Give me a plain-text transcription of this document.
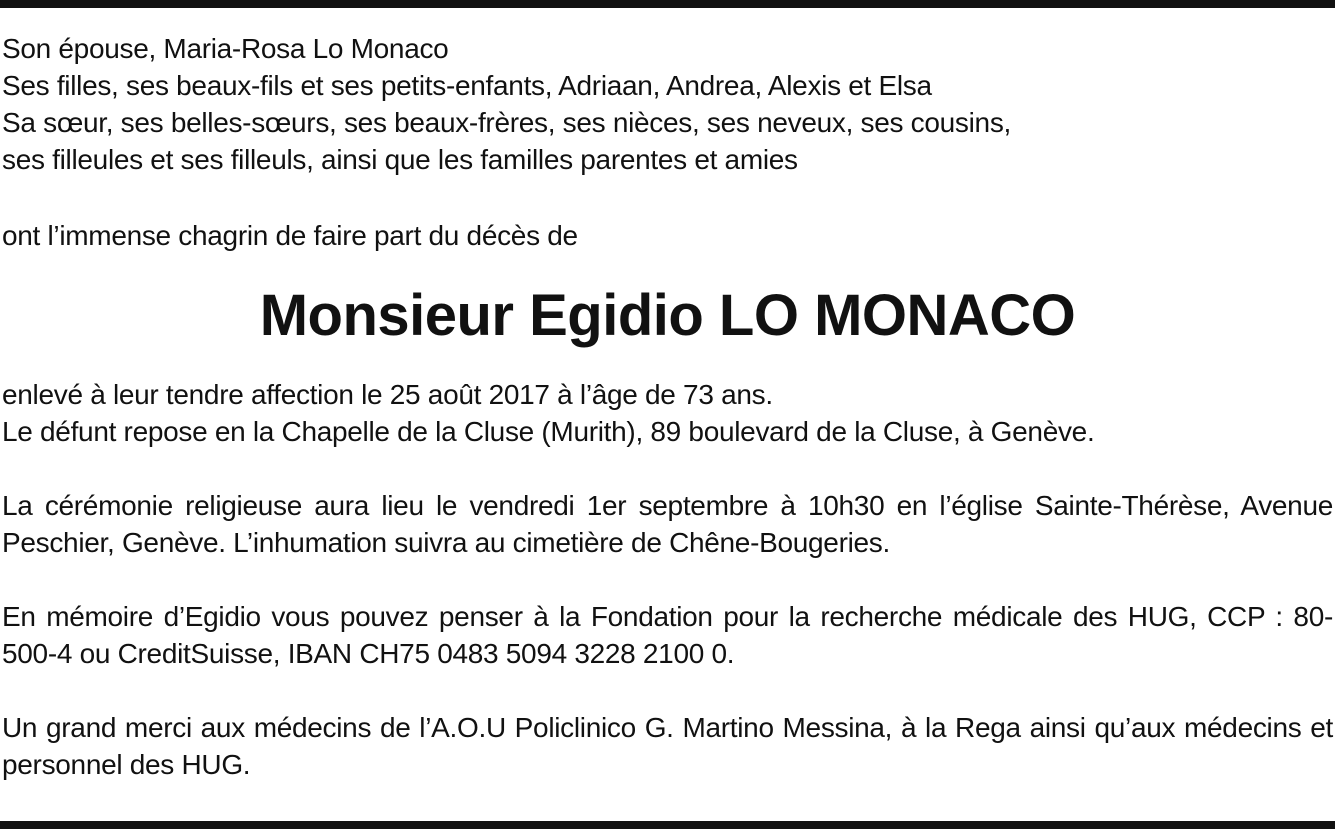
Son épouse, Maria-Rosa Lo Monaco
Ses filles, ses beaux-fils et ses petits-enfants, Adriaan, Andrea, Alexis et Elsa
Sa sœur, ses belles-sœurs, ses beaux-frères, ses nièces, ses neveux, ses cousins,
ses filleules et ses filleuls, ainsi que les familles parentes et amies
ont l’immense chagrin de faire part du décès de
Monsieur Egidio LO MONACO
enlevé à leur tendre affection le 25 août 2017 à l’âge de 73 ans.
Le défunt repose en la Chapelle de la Cluse (Murith), 89 boulevard de la Cluse, à Genève.

La cérémonie religieuse aura lieu le vendredi 1er septembre à 10h30 en l’église Sainte-Thérèse, Avenue Peschier, Genève. L’inhumation suivra au cimetière de Chêne-Bougeries.

En mémoire d’Egidio vous pouvez penser à la Fondation pour la recherche médicale des HUG, CCP : 80-500-4 ou CreditSuisse, IBAN CH75 0483 5094 3228 2100 0.

Un grand merci aux médecins de l’A.O.U Policlinico G. Martino Messina, à la Rega ainsi qu’aux médecins et personnel des HUG.
